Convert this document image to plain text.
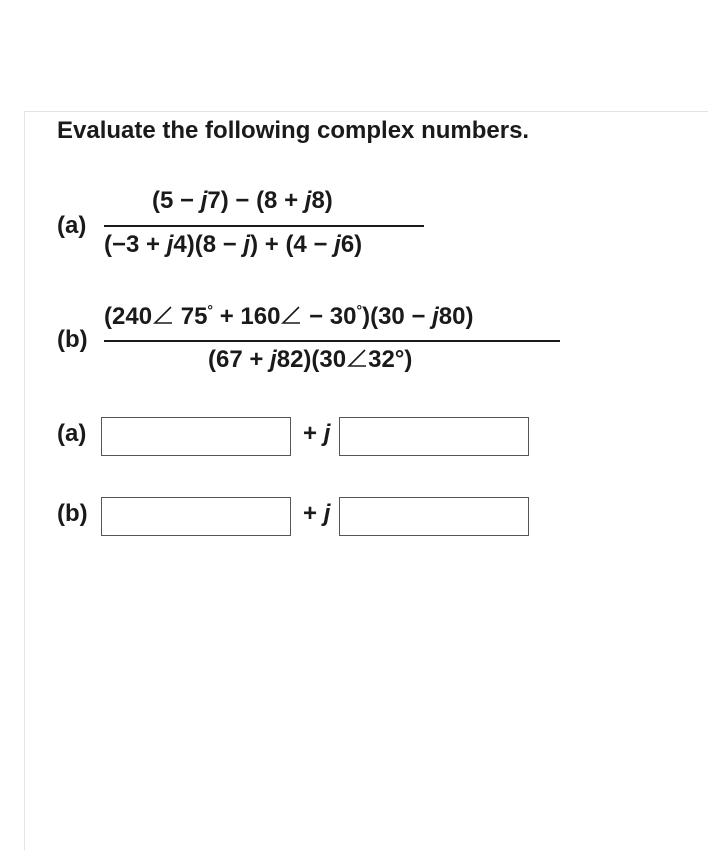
Evaluate the following complex numbers.
(a)
(5 − j7) − (8 + j8)
(−3 + j4)(8 − j) + (4 − j6)
(b)
(240 75° + 160 − 30°)(30 − j80)
(67 + j82)(30 32°)
(a)	+ j
(b)	+ j
